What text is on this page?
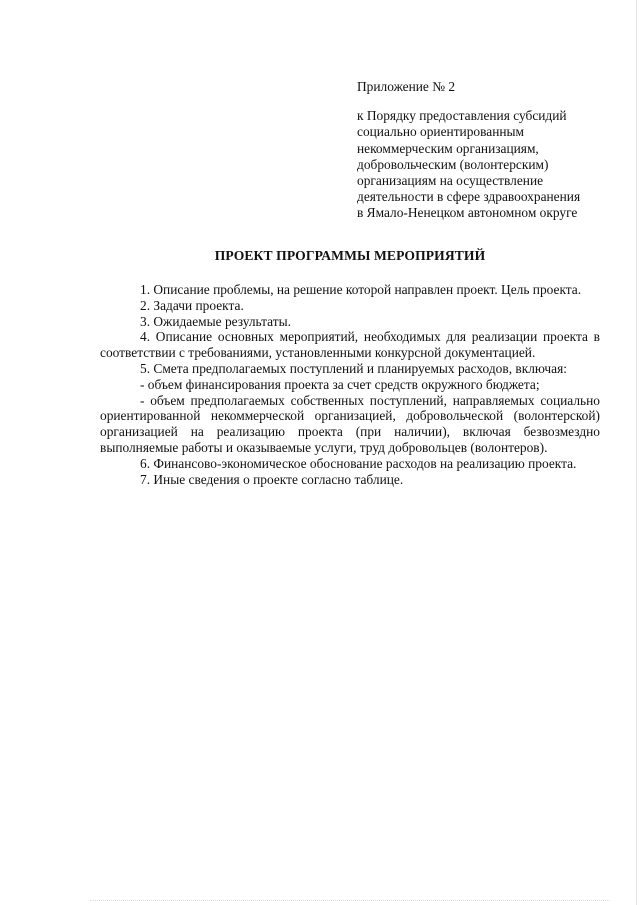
Приложение № 2

к Порядку предоставления субсидий
социально ориентированным
некоммерческим организациям,
добровольческим (волонтерским)
организациям на осуществление
деятельности в сфере здравоохранения
в Ямало-Ненецком автономном округе
ПРОЕКТ ПРОГРАММЫ МЕРОПРИЯТИЙ

1. Описание проблемы, на решение которой направлен проект. Цель проекта.

2. Задачи проекта.

3. Ожидаемые результаты.

4. Описание основных мероприятий, необходимых для реализации проекта в соответствии с требованиями, установленными конкурсной документацией.

5. Смета предполагаемых поступлений и планируемых расходов, включая:

- объем финансирования проекта за счет средств окружного бюджета;

- объем предполагаемых собственных поступлений, направляемых социально ориентированной некоммерческой организацией, добровольческой (волонтерской) организацией на реализацию проекта (при наличии), включая безвозмездно выполняемые работы и оказываемые услуги, труд добровольцев (волонтеров).

6. Финансово-экономическое обоснование расходов на реализацию проекта.

7. Иные сведения о проекте согласно таблице.
